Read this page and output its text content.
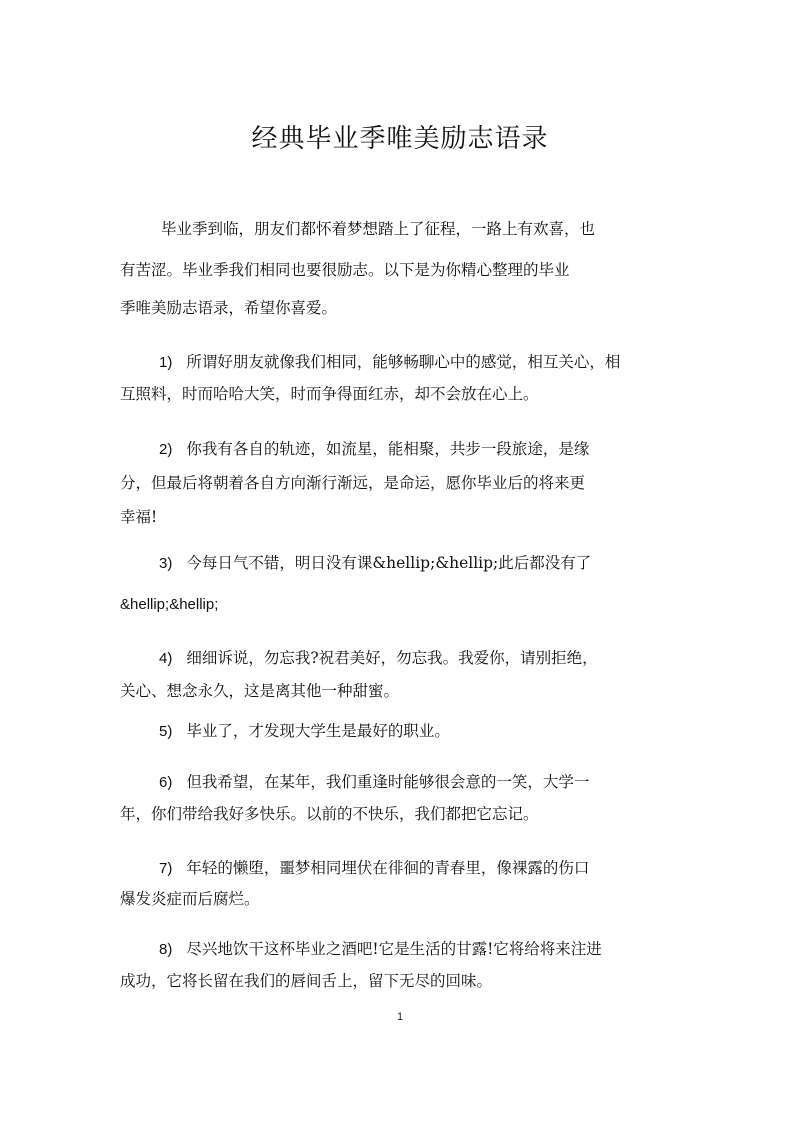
经典毕业季唯美励志语录
毕业季到临，朋友们都怀着梦想踏上了征程，一路上有欢喜，也
有苦涩。毕业季我们相同也要很励志。以下是为你精心整理的毕业
季唯美励志语录，希望你喜爱。
1) 所谓好朋友就像我们相同，能够畅聊心中的感觉，相互关心，相
互照料，时而哈哈大笑，时而争得面红赤，却不会放在心上。
2) 你我有各自的轨迹，如流星，能相聚，共步一段旅途，是缘
分，但最后将朝着各自方向渐行渐远，是命运，愿你毕业后的将来更
幸福!
3) 今每日气不错，明日没有课&hellip;&hellip;此后都没有了
&hellip;&hellip;
4) 细细诉说，勿忘我?祝君美好，勿忘我。我爱你，请别拒绝，
关心、想念永久，这是离其他一种甜蜜。
5) 毕业了，才发现大学生是最好的职业。
6) 但我希望，在某年，我们重逢时能够很会意的一笑，大学一
年，你们带给我好多快乐。以前的不快乐，我们都把它忘记。
7) 年轻的懒堕，噩梦相同埋伏在徘徊的青春里，像裸露的伤口
爆发炎症而后腐烂。
8) 尽兴地饮干这杯毕业之酒吧!它是生活的甘露!它将给将来注进
成功，它将长留在我们的唇间舌上，留下无尽的回味。
1
